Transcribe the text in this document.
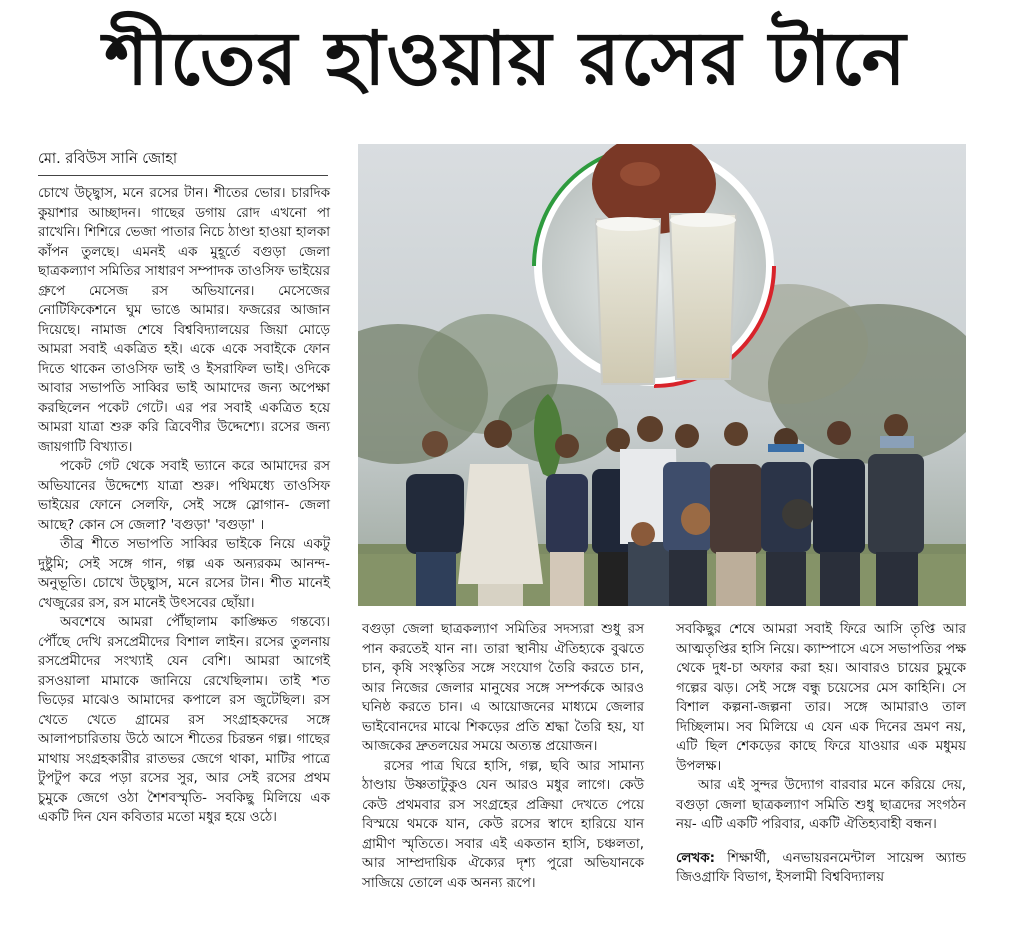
শীতের হাওয়ায় রসের টানে
মো. রবিউস সানি জোহা

চোখে উচ্ছ্বাস, মনে রসের টান। শীতের ভোর। চারদিক কুয়াশার আচ্ছাদন। গাছের ডগায় রোদ এখনো পা রাখেনি। শিশিরে ভেজা পাতার নিচে ঠাণ্ডা হাওয়া হালকা কাঁপন তুলছে। এমনই এক মুহূর্তে বগুড়া জেলা ছাত্রকল্যাণ সমিতির সাধারণ সম্পাদক তাওসিফ ভাইয়ের গ্রুপে মেসেজ রস অভিযানের। মেসেজের নোটিফিকেশনে ঘুম ভাঙে আমার। ফজরের আজান দিয়েছে। নামাজ শেষে বিশ্ববিদ্যালয়ের জিয়া মোড়ে আমরা সবাই একত্রিত হই। একে একে সবাইকে ফোন দিতে থাকেন তাওসিফ ভাই ও ইসরাফিল ভাই। ওদিকে আবার সভাপতি সাব্বির ভাই আমাদের জন্য অপেক্ষা করছিলেন পকেট গেটে। এর পর সবাই একত্রিত হয়ে আমরা যাত্রা শুরু করি ত্রিবেণীর উদ্দেশ্যে। রসের জন্য জায়গাটি বিখ্যাত।

পকেট গেট থেকে সবাই ভ্যানে করে আমাদের রস অভিযানের উদ্দেশ্যে যাত্রা শুরু। পথিমধ্যে তাওসিফ ভাইয়ের ফোনে সেলফি, সেই সঙ্গে স্লোগান- জেলা আছে? কোন সে জেলা? 'বগুড়া' 'বগুড়া' ।

তীব্র শীতে সভাপতি সাব্বির ভাইকে নিয়ে একটু দুষ্টুমি; সেই সঙ্গে গান, গল্প এক অন্যরকম আনন্দ-অনুভূতি। চোখে উচ্ছ্বাস, মনে রসের টান। শীত মানেই খেজুরের রস, রস মানেই উৎসবের ছোঁয়া।

অবশেষে আমরা পৌঁছালাম কাঙ্ক্ষিত গন্তব্যে। পৌঁছে দেখি রসপ্রেমীদের বিশাল লাইন। রসের তুলনায় রসপ্রেমীদের সংখ্যাই যেন বেশি। আমরা আগেই রসওয়ালা মামাকে জানিয়ে রেখেছিলাম। তাই শত ভিড়ের মাঝেও আমাদের কপালে রস জুটেছিল। রস খেতে খেতে গ্রামের রস সংগ্রাহকদের সঙ্গে আলাপচারিতায় উঠে আসে শীতের চিরন্তন গল্প। গাছের মাথায় সংগ্রহকারীর রাতভর জেগে থাকা, মাটির পাত্রে টুপটুপ করে পড়া রসের সুর, আর সেই রসের প্রথম চুমুকে জেগে ওঠা শৈশবস্মৃতি- সবকিছু মিলিয়ে এক একটি দিন যেন কবিতার মতো মধুর হয়ে ওঠে।

বগুড়া জেলা ছাত্রকল্যাণ সমিতির সদস্যরা শুধু রস পান করতেই যান না। তারা স্থানীয় ঐতিহ্যকে বুঝতে চান, কৃষি সংস্কৃতির সঙ্গে সংযোগ তৈরি করতে চান, আর নিজের জেলার মানুষের সঙ্গে সম্পর্ককে আরও ঘনিষ্ঠ করতে চান। এ আয়োজনের মাধ্যমে জেলার ভাইবোনদের মাঝে শিকড়ের প্রতি শ্রদ্ধা তৈরি হয়, যা আজকের দ্রুতলয়ের সময়ে অত্যন্ত প্রয়োজন।

রসের পাত্র ঘিরে হাসি, গল্প, ছবি আর সামান্য ঠাণ্ডায় উষ্ণতাটুকুও যেন আরও মধুর লাগে। কেউ কেউ প্রথমবার রস সংগ্রহের প্রক্রিয়া দেখতে পেয়ে বিস্ময়ে থমকে যান, কেউ রসের স্বাদে হারিয়ে যান গ্রামীণ স্মৃতিতে। সবার এই একতান হাসি, চঞ্চলতা, আর সাম্প্রদায়িক ঐক্যের দৃশ্য পুরো অভিযানকে সাজিয়ে তোলে এক অনন্য রূপে।

সবকিছুর শেষে আমরা সবাই ফিরে আসি তৃপ্তি আর আত্মতৃপ্তির হাসি নিয়ে। ক্যাম্পাসে এসে সভাপতির পক্ষ থেকে দুধ-চা অফার করা হয়। আবারও চায়ের চুমুকে গল্পের ঝড়। সেই সঙ্গে বন্ধু চয়েসের মেস কাহিনি। সে বিশাল কল্পনা-জল্পনা তার। সঙ্গে আমারাও তাল দিচ্ছিলাম। সব মিলিয়ে এ যেন এক দিনের ভ্রমণ নয়, এটি ছিল শেকড়ের কাছে ফিরে যাওয়ার এক মধুময় উপলক্ষ।

আর এই সুন্দর উদ্যোগ বারবার মনে করিয়ে দেয়, বগুড়া জেলা ছাত্রকল্যাণ সমিতি শুধু ছাত্রদের সংগঠন নয়- এটি একটি পরিবার, একটি ঐতিহ্যবাহী বন্ধন।

লেখক: শিক্ষার্থী, এনভায়রনমেন্টাল সায়েন্স অ্যান্ড জিওগ্রাফি বিভাগ, ইসলামী বিশ্ববিদ্যালয়
